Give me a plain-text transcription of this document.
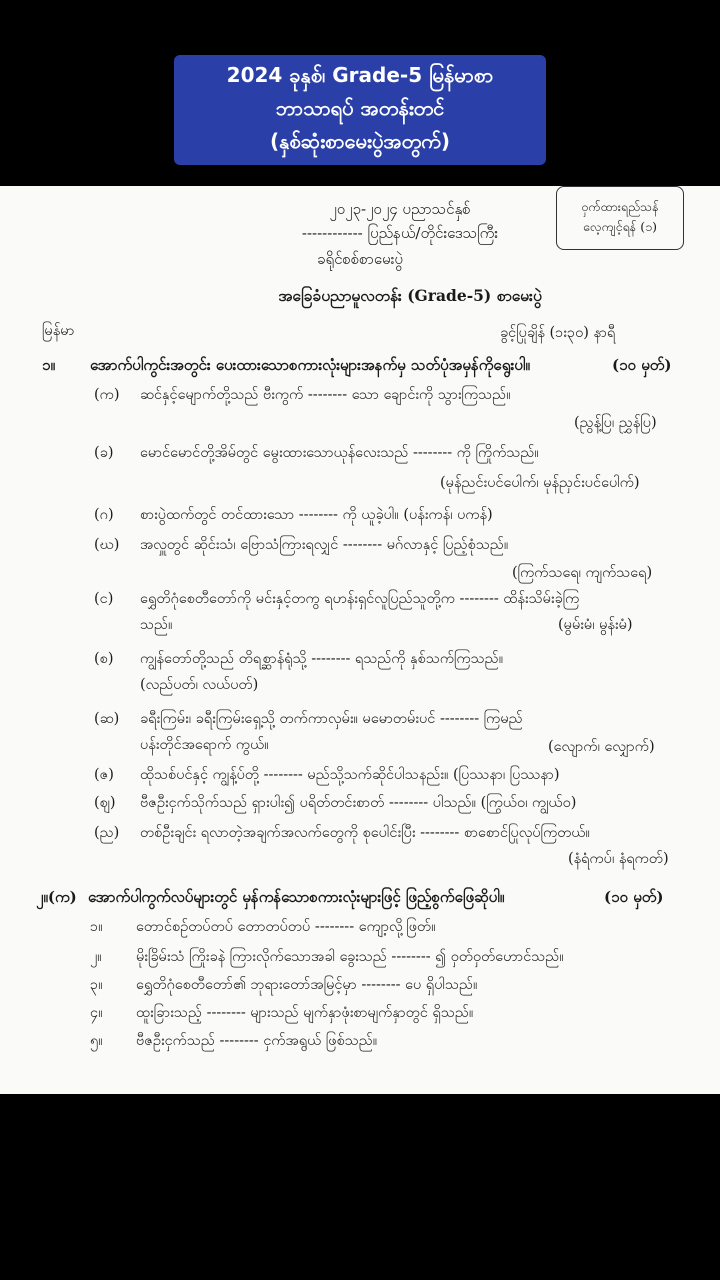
2024 ခုနှစ်၊ Grade-5 မြန်မာစာ
ဘာသာရပ် အတန်းတင်
(နှစ်ဆုံးစာမေးပွဲအတွက်)
၂၀၂၃-၂၀၂၄ ပညာသင်နှစ်
------------ ပြည်နယ်/တိုင်းဒေသကြီး
ခရိုင်စစ်စာမေးပွဲ
ဝှက်ထားရည်သန်
လေ့ကျင့်ရန် (၁)
အခြေခံပညာမူလတန်း (Grade-5) စာမေးပွဲ
မြန်မာ	ခွင့်ပြုချိန် (၁း၃၀) နာရီ
၁။ အောက်ပါကွင်းအတွင်း ပေးထားသောစကားလုံးများအနက်မှ သတ်ပုံအမှန်ကိုရွေးပါ။	(၁၀ မှတ်)
(က) ဆင်နှင့်မျောက်တို့သည် ဗီးကွက် -------- သော ချောင်းကို သွားကြသည်။
(ညွန့်ပြ၊ ညွှန်ပြ)
(ခ) မောင်မောင်တို့အိမ်တွင် မွေးထားသောယုန်လေးသည် -------- ကို ကြိုက်သည်။
(မုန်ညင်းပင်ပေါက်၊ မုန်ညှင်းပင်ပေါက်)
(ဂ) စားပွဲထက်တွင် တင်ထားသော -------- ကို ယူခဲ့ပါ။ (ပန်းကန်၊ ပကန်)
(ဃ) အလှူတွင် ဆိုင်းသံ၊ ဗြောသံကြားရလျှင် -------- မဂ်လာနှင့် ပြည့်စုံသည်။
(ကြက်သရေ၊ ကျက်သရေ)
(င) ရွှေတိဂုံစေတီတော်ကို မင်းနှင့်တကွ ရဟန်းရှင်လူပြည်သူတို့က -------- ထိန်းသိမ်းခဲ့ကြ
သည်။	(မွမ်းမံ၊ မွန်းမံ)
(စ) ကျွန်တော်တို့သည် တိရစ္ဆာန်ရုံသို့ -------- ရသည်ကို နှစ်သက်ကြသည်။
(လည်ပတ်၊ လယ်ပတ်)
(ဆ) ခရီးကြမ်း၊ ခရီးကြမ်းရှေ့သို့ တက်ကာလှမ်း။ မမောတမ်းပင် -------- ကြမည်
ပန်းတိုင်အရောက် ကွယ်။	(လျောက်၊ လျှောက်)
(ဇ) ထိုသစ်ပင်နှင့် ကျွန့်ပ်တို့ -------- မည်သို့သက်ဆိုင်ပါသနည်း။ (ပြဿနာ၊ ပြဿနာ)
(ဈ) ဗီဇဦးငှက်သိုက်သည် ရှားပါး၍ ပရိတ်တင်းစာတ် -------- ပါသည်။ (ကြွယ်ဝ၊ ကျွယ်ဝ)
(ည) တစ်ဦးချင်း ရလာတဲ့အချက်အလက်တွေကို စုပေါင်းပြီး -------- စာစောင်ပြုလုပ်ကြတယ်။
(နံရံကပ်၊ နံရကတ်)
၂။(က) အောက်ပါကွက်လပ်များတွင် မှန်ကန်သောစကားလုံးများဖြင့် ဖြည့်စွက်ဖြေဆိုပါ။	(၁၀ မှတ်)
၁။ တောင်စဉ်တပ်တပ် တောတပ်တပ် -------- ကျော့လို့ဖြတ်။
၂။ မိုးခြိမ်းသံ ကြိုးခနဲ ကြားလိုက်သောအခါ ခွေးသည် -------- ၍ ဝှတ်ဝှတ်ဟောင်သည်။
၃။ ရွှေတိဂုံစေတီတော်၏ ဘုရားတော်အမြင့်မှာ -------- ပေ ရှိပါသည်။
၄။ ထူးခြားသည့် -------- များသည် မျက်နှာဖုံးစာမျက်နှာတွင် ရှိသည်။
၅။ ဗီဇဦးငှက်သည် -------- ငှက်အရွယ် ဖြစ်သည်။
